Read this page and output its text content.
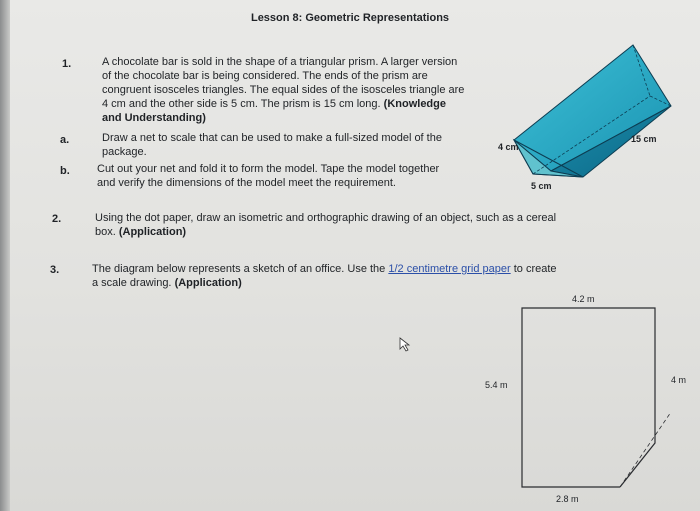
Lesson 8: Geometric Representations
1.	A chocolate bar is sold in the shape of a triangular prism. A larger version
of the chocolate bar is being considered. The ends of the prism are
congruent isosceles triangles. The equal sides of the isosceles triangle are
4 cm and the other side is 5 cm. The prism is 15 cm long. (Knowledge
and Understanding)
a.	Draw a net to scale that can be used to make a full-sized model of the
package.
b. Cut out your net and fold it to form the model. Tape the model together
and verify the dimensions of the model meet the requirement.
2.	Using the dot paper, draw an isometric and orthographic drawing of an object, such as a cereal
box. (Application)
3.	The diagram below represents a sketch of an office. Use the 1/2 centimetre grid paper to create
a scale drawing. (Application)
4 cm
15 cm
5 cm
4.2 m
5.4 m	4 m
2.8 m
